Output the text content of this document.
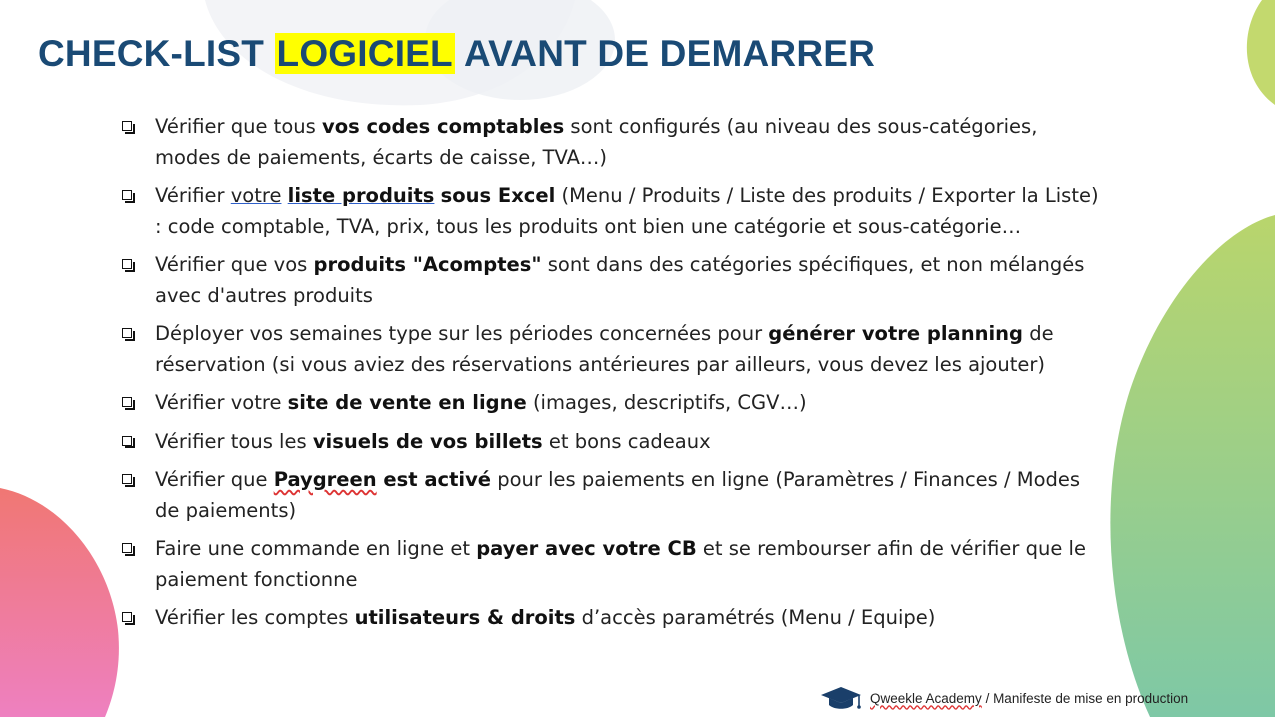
CHECK-LIST LOGICIEL AVANT DE DEMARRER
Vérifier que tous vos codes comptables sont configurés (au niveau des sous-catégories, modes de paiements, écarts de caisse, TVA…)
Vérifier votre liste produits sous Excel (Menu / Produits / Liste des produits / Exporter la Liste) : code comptable, TVA, prix, tous les produits ont bien une catégorie et sous-catégorie…
Vérifier que vos produits "Acomptes" sont dans des catégories spécifiques, et non mélangés avec d'autres produits
Déployer vos semaines type sur les périodes concernées pour générer votre planning de réservation (si vous aviez des réservations antérieures par ailleurs, vous devez les ajouter)
Vérifier votre site de vente en ligne (images, descriptifs, CGV…)
Vérifier tous les visuels de vos billets et bons cadeaux
Vérifier que Paygreen est activé pour les paiements en ligne (Paramètres / Finances / Modes de paiements)
Faire une commande en ligne et payer avec votre CB et se rembourser afin de vérifier que le paiement fonctionne
Vérifier les comptes utilisateurs & droits d’accès paramétrés (Menu / Equipe)
Qweekle Academy / Manifeste de mise en production
